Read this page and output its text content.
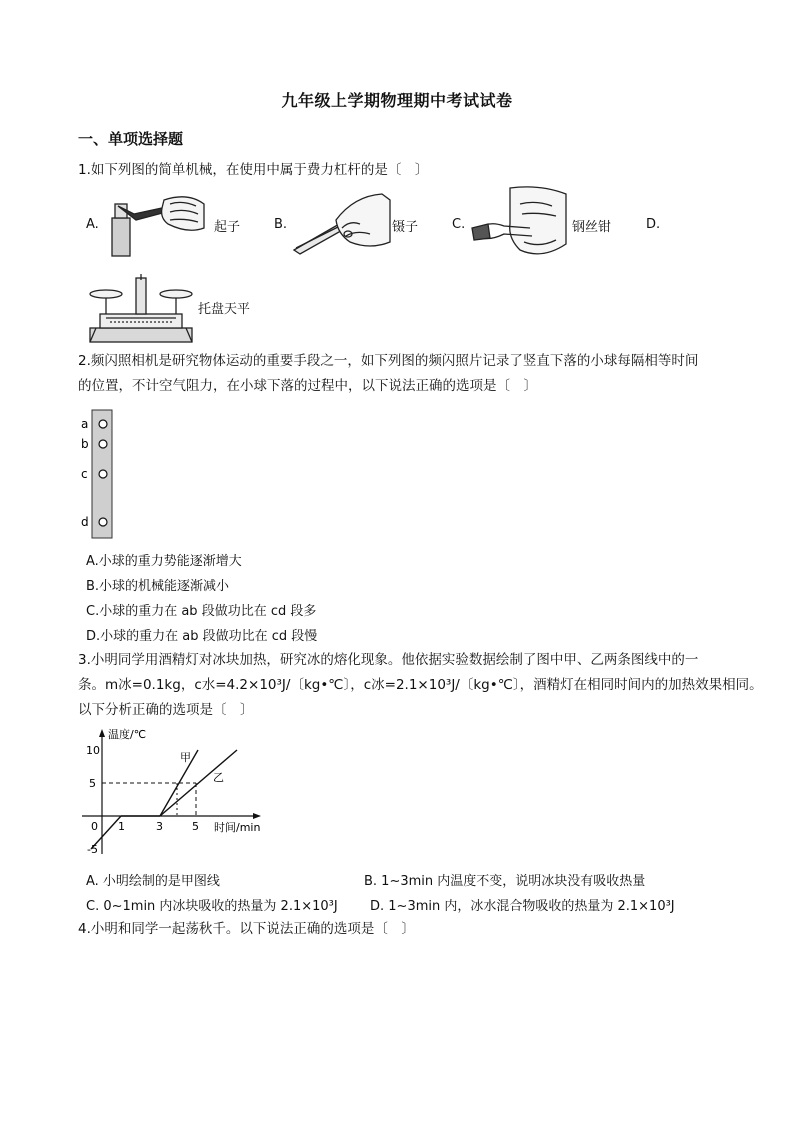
九年级上学期物理期中考试试卷
一、单项选择题
1.如下列图的简单机械，在使用中属于费力杠杆的是〔　〕
A.	起子	B.	镊子	C.	钢丝钳	D.
托盘天平
2.频闪照相机是研究物体运动的重要手段之一，如下列图的频闪照片记录了竖直下落的小球每隔相等时间
的位置，不计空气阻力，在小球下落的过程中，以下说法正确的选项是〔　〕
a
b
c
d
A.小球的重力势能逐渐增大
B.小球的机械能逐渐减小
C.小球的重力在 ab 段做功比在 cd 段多
D.小球的重力在 ab 段做功比在 cd 段慢
3.小明同学用酒精灯对冰块加热，研究冰的熔化现象。他依据实验数据绘制了图中甲、乙两条图线中的一
条。m冰=0.1kg，c水=4.2×10³J/〔kg•℃〕，c冰=2.1×10³J/〔kg•℃〕，酒精灯在相同时间内的加热效果相同。
以下分析正确的选项是〔　〕
温度/℃
时间/min
10
5
0
-5
1	3	5
甲
乙
A. 小明绘制的是甲图线	B. 1~3min 内温度不变，说明冰块没有吸收热量
C. 0~1min 内冰块吸收的热量为 2.1×10³J D. 1~3min 内，冰水混合物吸收的热量为 2.1×10³J
4.小明和同学一起荡秋千。以下说法正确的选项是〔　〕
